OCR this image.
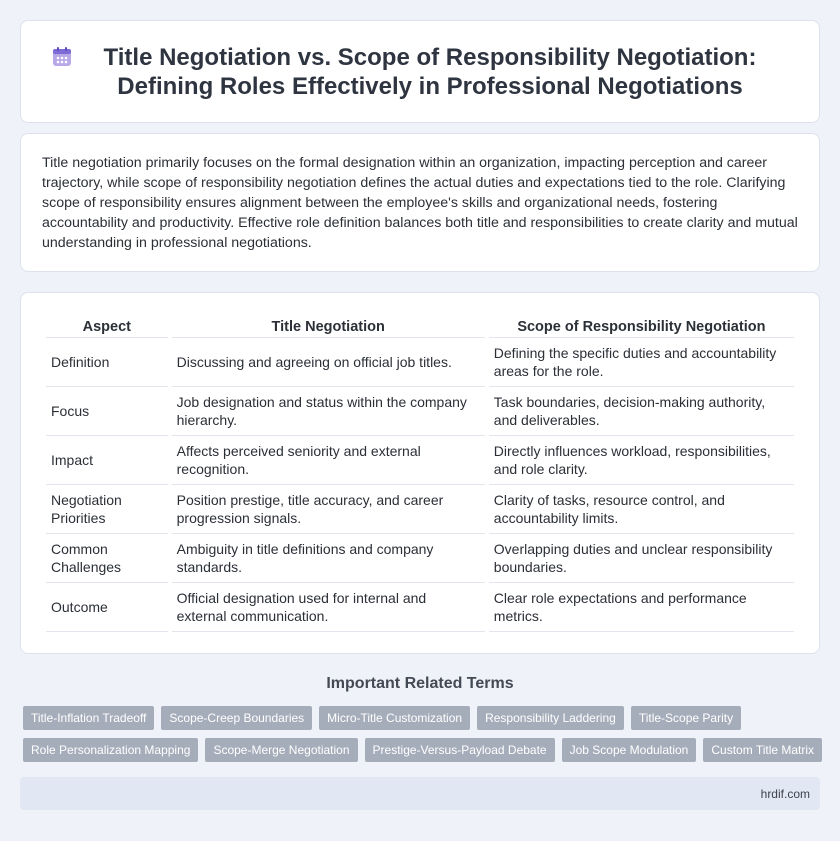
Title Negotiation vs. Scope of Responsibility Negotiation: Defining Roles Effectively in Professional Negotiations

Title negotiation primarily focuses on the formal designation within an organization, impacting perception and career trajectory, while scope of responsibility negotiation defines the actual duties and expectations tied to the role. Clarifying scope of responsibility ensures alignment between the employee's skills and organizational needs, fostering accountability and productivity. Effective role definition balances both title and responsibilities to create clarity and mutual understanding in professional negotiations.

Aspect	Title Negotiation	Scope of Responsibility Negotiation
Definition	Discussing and agreeing on official job titles.	Defining the specific duties and accountability areas for the role.
Focus	Job designation and status within the company hierarchy.	Task boundaries, decision-making authority, and deliverables.
Impact	Affects perceived seniority and external recognition.	Directly influences workload, responsibilities, and role clarity.
Negotiation Priorities	Position prestige, title accuracy, and career progression signals.	Clarity of tasks, resource control, and accountability limits.
Common Challenges	Ambiguity in title definitions and company standards.	Overlapping duties and unclear responsibility boundaries.
Outcome	Official designation used for internal and external communication.	Clear role expectations and performance metrics.
Important Related Terms
Title-Inflation Tradeoff	Scope-Creep Boundaries	Micro-Title Customization	Responsibility Laddering	Title-Scope Parity
Role Personalization Mapping	Scope-Merge Negotiation	Prestige-Versus-Payload Debate	Job Scope Modulation	Custom Title Matrix
hrdif.com
